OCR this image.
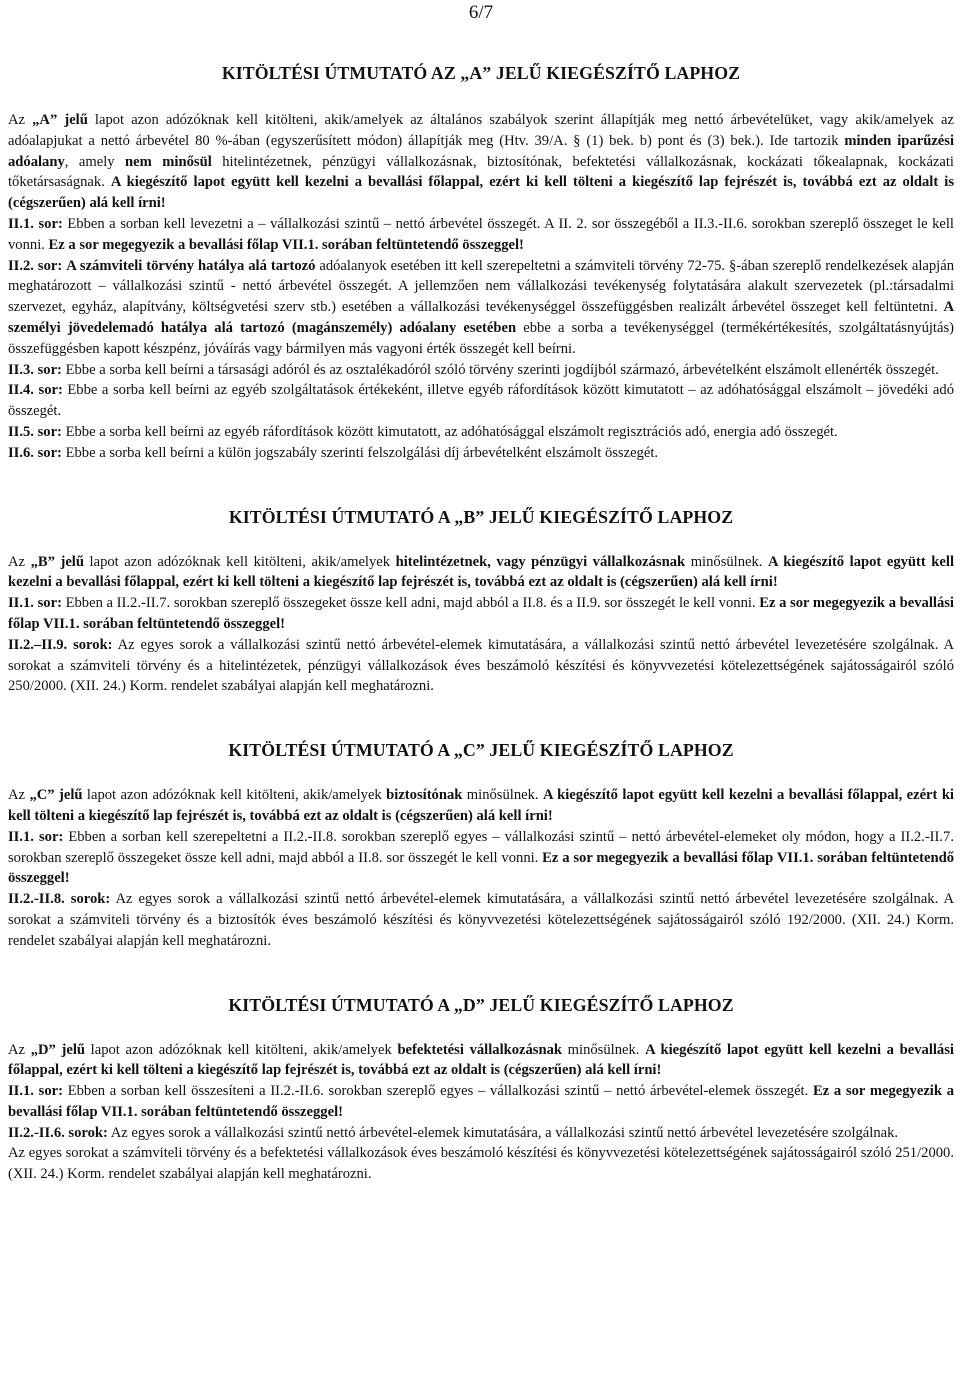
6/7
KITÖLTÉSI ÚTMUTATÓ AZ „A” JELŰ KIEGÉSZÍTŐ LAPHOZ

Az „A” jelű lapot azon adózóknak kell kitölteni, akik/amelyek az általános szabályok szerint állapítják meg nettó árbevételüket, vagy akik/amelyek az adóalapjukat a nettó árbevétel 80 %-ában (egyszerűsített módon) állapítják meg (Htv. 39/A. § (1) bek. b) pont és (3) bek.). Ide tartozik minden iparűzési adóalany, amely nem minősül hitelintézetnek, pénzügyi vállalkozásnak, biztosítónak, befektetési vállalkozásnak, kockázati tőkealapnak, kockázati tőketársaságnak. A kiegészítő lapot együtt kell kezelni a bevallási főlappal, ezért ki kell tölteni a kiegészítő lap fejrészét is, továbbá ezt az oldalt is (cégszerűen) alá kell írni!

II.1. sor: Ebben a sorban kell levezetni a – vállalkozási szintű – nettó árbevétel összegét. A II. 2. sor összegéből a II.3.-II.6. sorokban szereplő összeget le kell vonni. Ez a sor megegyezik a bevallási főlap VII.1. sorában feltüntetendő összeggel!

II.2. sor: A számviteli törvény hatálya alá tartozó adóalanyok esetében itt kell szerepeltetni a számviteli törvény 72-75. §-ában szereplő rendelkezések alapján meghatározott – vállalkozási szintű - nettó árbevétel összegét. A jellemzően nem vállalkozási tevékenység folytatására alakult szervezetek (pl.:társadalmi szervezet, egyház, alapítvány, költségvetési szerv stb.) esetében a vállalkozási tevékenységgel összefüggésben realizált árbevétel összeget kell feltüntetni. A személyi jövedelemadó hatálya alá tartozó (magánszemély) adóalany esetében ebbe a sorba a tevékenységgel (termékértékesítés, szolgáltatásnyújtás) összefüggésben kapott készpénz, jóváírás vagy bármilyen más vagyoni érték összegét kell beírni.

II.3. sor: Ebbe a sorba kell beírni a társasági adóról és az osztalékadóról szóló törvény szerinti jogdíjból származó, árbevételként elszámolt ellenérték összegét.

II.4. sor: Ebbe a sorba kell beírni az egyéb szolgáltatások értékeként, illetve egyéb ráfordítások között kimutatott – az adóhatósággal elszámolt – jövedéki adó összegét.

II.5. sor: Ebbe a sorba kell beírni az egyéb ráfordítások között kimutatott, az adóhatósággal elszámolt regisztrációs adó, energia adó összegét.

II.6. sor: Ebbe a sorba kell beírni a külön jogszabály szerinti felszolgálási díj árbevételként elszámolt összegét.

KITÖLTÉSI ÚTMUTATÓ A „B” JELŰ KIEGÉSZÍTŐ LAPHOZ

Az „B” jelű lapot azon adózóknak kell kitölteni, akik/amelyek hitelintézetnek, vagy pénzügyi vállalkozásnak minősülnek. A kiegészítő lapot együtt kell kezelni a bevallási főlappal, ezért ki kell tölteni a kiegészítő lap fejrészét is, továbbá ezt az oldalt is (cégszerűen) alá kell írni!

II.1. sor: Ebben a II.2.-II.7. sorokban szereplő összegeket össze kell adni, majd abból a II.8. és a II.9. sor összegét le kell vonni. Ez a sor megegyezik a bevallási főlap VII.1. sorában feltüntetendő összeggel!

II.2.–II.9. sorok: Az egyes sorok a vállalkozási szintű nettó árbevétel-elemek kimutatására, a vállalkozási szintű nettó árbevétel levezetésére szolgálnak. A sorokat a számviteli törvény és a hitelintézetek, pénzügyi vállalkozások éves beszámoló készítési és könyvvezetési kötelezettségének sajátosságairól szóló 250/2000. (XII. 24.) Korm. rendelet szabályai alapján kell meghatározni.

KITÖLTÉSI ÚTMUTATÓ A „C” JELŰ KIEGÉSZÍTŐ LAPHOZ

Az „C” jelű lapot azon adózóknak kell kitölteni, akik/amelyek biztosítónak minősülnek. A kiegészítő lapot együtt kell kezelni a bevallási főlappal, ezért ki kell tölteni a kiegészítő lap fejrészét is, továbbá ezt az oldalt is (cégszerűen) alá kell írni!

II.1. sor: Ebben a sorban kell szerepeltetni a II.2.-II.8. sorokban szereplő egyes – vállalkozási szintű – nettó árbevétel-elemeket oly módon, hogy a II.2.-II.7. sorokban szereplő összegeket össze kell adni, majd abból a II.8. sor összegét le kell vonni. Ez a sor megegyezik a bevallási főlap VII.1. sorában feltüntetendő összeggel!

II.2.-II.8. sorok: Az egyes sorok a vállalkozási szintű nettó árbevétel-elemek kimutatására, a vállalkozási szintű nettó árbevétel levezetésére szolgálnak. A sorokat a számviteli törvény és a biztosítók éves beszámoló készítési és könyvvezetési kötelezettségének sajátosságairól szóló 192/2000. (XII. 24.) Korm. rendelet szabályai alapján kell meghatározni.

KITÖLTÉSI ÚTMUTATÓ A „D” JELŰ KIEGÉSZÍTŐ LAPHOZ

Az „D” jelű lapot azon adózóknak kell kitölteni, akik/amelyek befektetési vállalkozásnak minősülnek. A kiegészítő lapot együtt kell kezelni a bevallási főlappal, ezért ki kell tölteni a kiegészítő lap fejrészét is, továbbá ezt az oldalt is (cégszerűen) alá kell írni!

II.1. sor: Ebben a sorban kell összesíteni a II.2.-II.6. sorokban szereplő egyes – vállalkozási szintű – nettó árbevétel-elemek összegét. Ez a sor megegyezik a bevallási főlap VII.1. sorában feltüntetendő összeggel!

II.2.-II.6. sorok: Az egyes sorok a vállalkozási szintű nettó árbevétel-elemek kimutatására, a vállalkozási szintű nettó árbevétel levezetésére szolgálnak.

Az egyes sorokat a számviteli törvény és a befektetési vállalkozások éves beszámoló készítési és könyvvezetési kötelezettségének sajátosságairól szóló 251/2000. (XII. 24.) Korm. rendelet szabályai alapján kell meghatározni.
